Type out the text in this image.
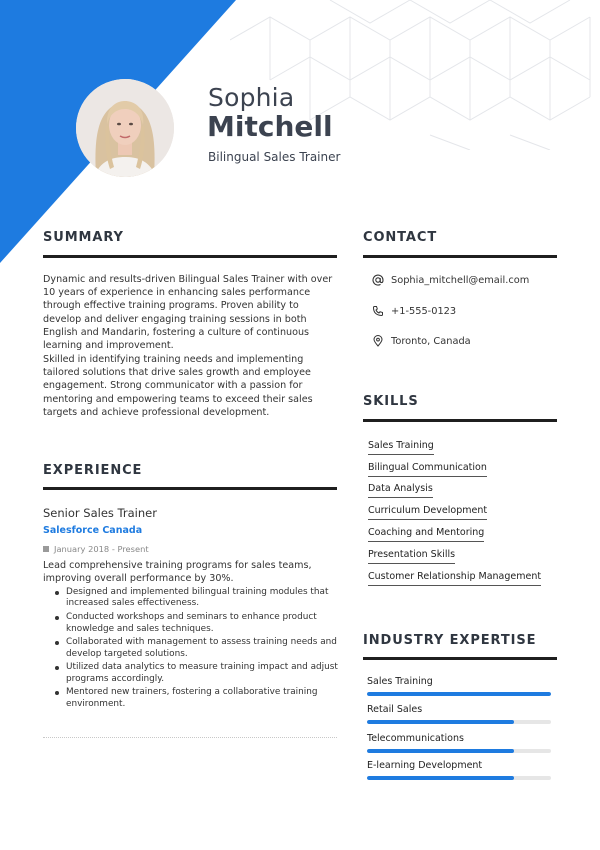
Sophia
Mitchell
Bilingual Sales Trainer
SUMMARY
Dynamic and results-driven Bilingual Sales Trainer with over 10 years of experience in enhancing sales performance through effective training programs. Proven ability to develop and deliver engaging training sessions in both English and Mandarin, fostering a culture of continuous learning and improvement.
Skilled in identifying training needs and implementing tailored solutions that drive sales growth and employee engagement. Strong communicator with a passion for mentoring and empowering teams to exceed their sales targets and achieve professional development.
EXPERIENCE
Senior Sales Trainer
Salesforce Canada
January 2018 - Present
Lead comprehensive training programs for sales teams, improving overall performance by 30%.
Designed and implemented bilingual training modules that increased sales effectiveness.
Conducted workshops and seminars to enhance product knowledge and sales techniques.
Collaborated with management to assess training needs and develop targeted solutions.
Utilized data analytics to measure training impact and adjust programs accordingly.
Mentored new trainers, fostering a collaborative training environment.
CONTACT
Sophia_mitchell@email.com
+1-555-0123
Toronto, Canada
SKILLS
Sales Training
Bilingual Communication
Data Analysis
Curriculum Development
Coaching and Mentoring
Presentation Skills
Customer Relationship Management
INDUSTRY EXPERTISE
Sales Training
Retail Sales
Telecommunications
E-learning Development
